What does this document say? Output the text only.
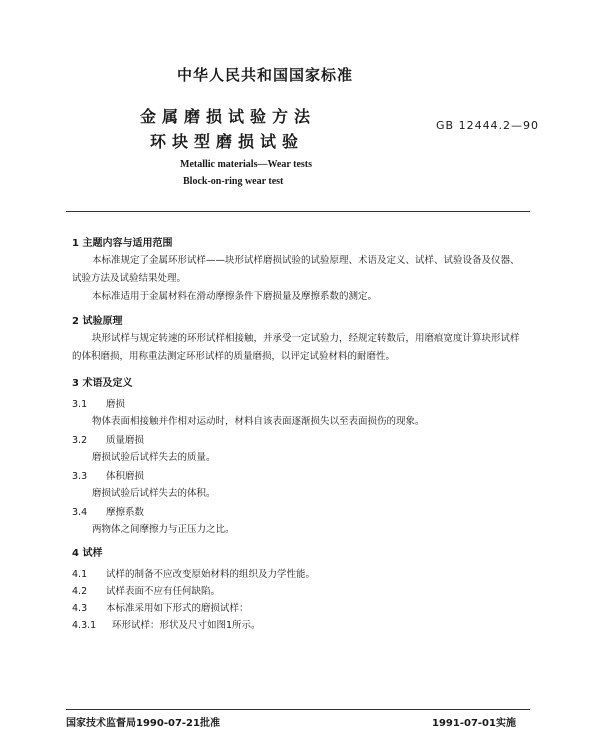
中华人民共和国国家标准
金属磨损试验方法
环块型磨损试验
GB 12444.2—90
Metallic materials—Wear tests
Block-on-ring wear test
1 主题内容与适用范围
本标准规定了金属环形试样——块形试样磨损试验的试验原理、术语及定义、试样、试验设备及仪器、试验方法及试验结果处理。
本标准适用于金属材料在滑动摩擦条件下磨损量及摩擦系数的测定。
2 试验原理
块形试样与规定转速的环形试样相接触，并承受一定试验力，经规定转数后，用磨痕宽度计算块形试样的体积磨损，用称重法测定环形试样的质量磨损，以评定试验材料的耐磨性。
3 术语及定义
3.1 磨损
物体表面相接触并作相对运动时，材料自该表面逐渐损失以至表面损伤的现象。
3.2 质量磨损
磨损试验后试样失去的质量。
3.3 体积磨损
磨损试验后试样失去的体积。
3.4 摩擦系数
两物体之间摩擦力与正压力之比。
4 试样
4.1 试样的制备不应改变原始材料的组织及力学性能。
4.2 试样表面不应有任何缺陷。
4.3 本标准采用如下形式的磨损试样：
4.3.1 环形试样：形状及尺寸如图1所示。
国家技术监督局1990-07-21批准	1991-07-01实施
